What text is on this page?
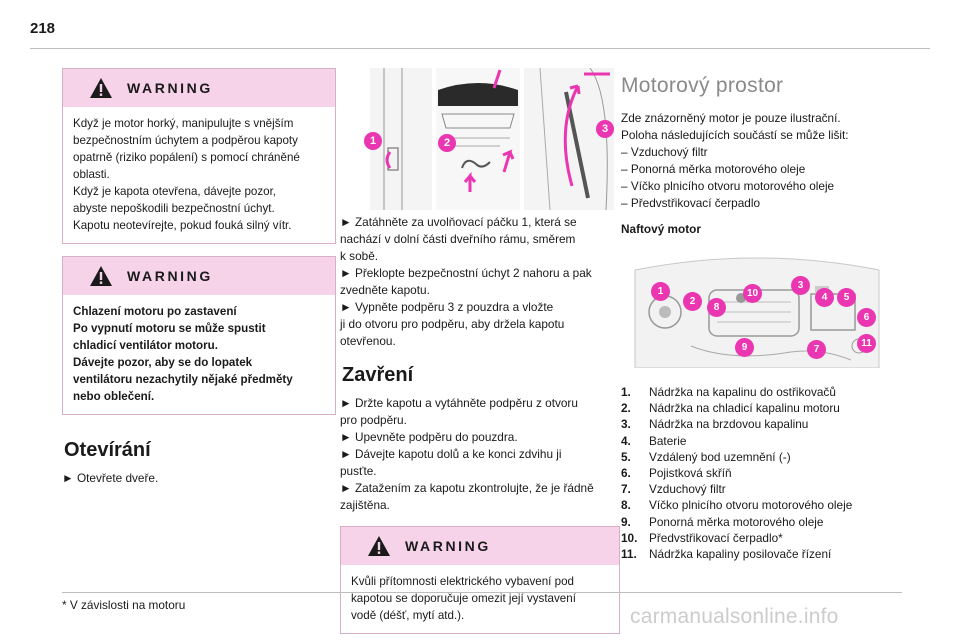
218
WARNING

Když je motor horký, manipulujte s vnějším

bezpečnostním úchytem a podpěrou kapoty

opatrně (riziko popálení) s pomocí chráněné

oblasti.

Když je kapota otevřena, dávejte pozor,

abyste nepoškodili bezpečnostní úchyt.

Kapotu neotevírejte, pokud fouká silný vítr.

WARNING

Chlazení motoru po zastavení

Po vypnutí motoru se může spustit

chladicí ventilátor motoru.

Dávejte pozor, aby se do lopatek

ventilátoru nezachytily nějaké předměty

nebo oblečení.

Otevírání

► Otevřete dveře.

1	2
3

► Zatáhněte za uvolňovací páčku 1, která se

nachází v dolní části dveřního rámu, směrem

k sobě.

► Překlopte bezpečnostní úchyt 2 nahoru a pak

zvedněte kapotu.

► Vypněte podpěru 3 z pouzdra a vložte

ji do otvoru pro podpěru, aby držela kapotu

otevřenou.

Zavření

► Držte kapotu a vytáhněte podpěru z otvoru

pro podpěru.

► Upevněte podpěru do pouzdra.

► Dávejte kapotu dolů a ke konci zdvihu ji

pusťte.

► Zatažením za kapotu zkontrolujte, že je řádně

zajištěna.

WARNING

Kvůli přítomnosti elektrického vybavení pod

kapotou se doporučuje omezit její vystavení

vodě (déšť, mytí atd.).

Motorový prostor

Zde znázorněný motor je pouze ilustrační.

Poloha následujících součástí se může lišit:

– Vzduchový filtr

– Ponorná měrka motorového oleje

– Víčko plnicího otvoru motorového oleje

– Předvstřikovací čerpadlo

Naftový motor
1
2
3
4	5
6
7
8
9
10
11
1.	Nádržka na kapalinu do ostřikovačů
2.	Nádržka na chladicí kapalinu motoru
3.	Nádržka na brzdovou kapalinu
4.	Baterie
5.	Vzdálený bod uzemnění (-)
6.	Pojistková skříň
7.	Vzduchový filtr
8.	Víčko plnicího otvoru motorového oleje
9.	Ponorná měrka motorového oleje
10. Předvstřikovací čerpadlo*
11.	Nádržka kapaliny posilovače řízení
* V závislosti na motoru	carmanualsonline.info
